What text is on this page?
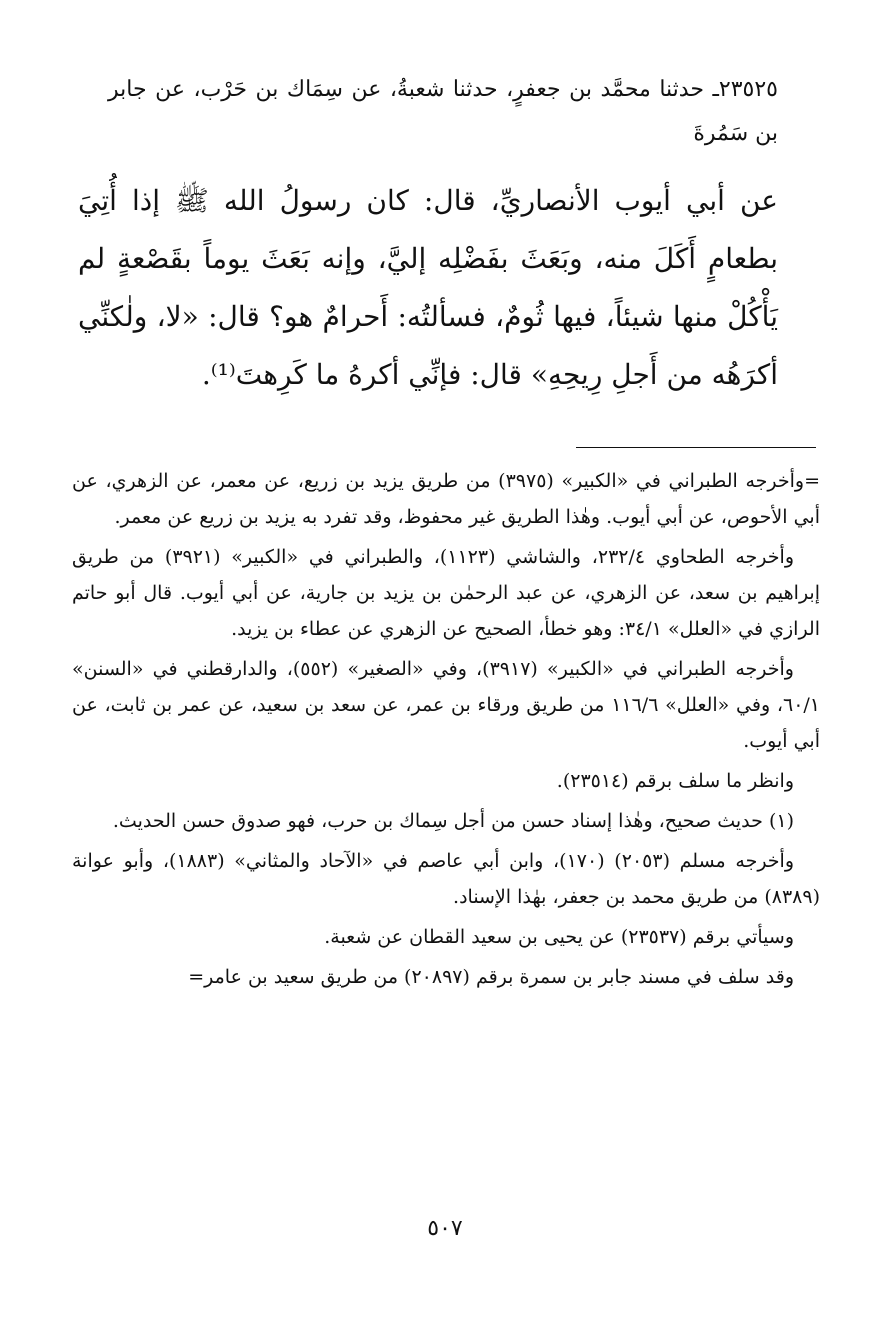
٢٣٥٢٥ـ حدثنا محمَّد بن جعفرٍ، حدثنا شعبةُ، عن سِمَاك بن حَرْب، عن جابر بن سَمُرةَ

عن أبي أيوب الأنصاريِّ، قال: كان رسولُ الله ﷺ إذا أُتِيَ بطعامٍ أَكَلَ منه، وبَعَثَ بفَضْلِه إليَّ، وإنه بَعَثَ يوماً بقَصْعةٍ لم يَأْكُلْ منها شيئاً، فيها ثُومٌ، فسألتُه: أَحرامٌ هو؟ قال: «لا، ولٰكنِّي أكرَهُه من أَجلِ رِيحِهِ» قال: فإنِّي أكرهُ ما كَرِهتَ⁽¹⁾.

=وأخرجه الطبراني في «الكبير» (٣٩٧٥) من طريق يزيد بن زريع، عن معمر، عن الزهري، عن أبي الأحوص، عن أبي أيوب. وهٰذا الطريق غير محفوظ، وقد تفرد به يزيد بن زريع عن معمر.

وأخرجه الطحاوي ٢٣٢/٤، والشاشي (١١٢٣)، والطبراني في «الكبير» (٣٩٢١) من طريق إبراهيم بن سعد، عن الزهري، عن عبد الرحمٰن بن يزيد بن جارية، عن أبي أيوب. قال أبو حاتم الرازي في «العلل» ٣٤/١: وهو خطأ، الصحيح عن الزهري عن عطاء بن يزيد.

وأخرجه الطبراني في «الكبير» (٣٩١٧)، وفي «الصغير» (٥٥٢)، والدارقطني في «السنن» ٦٠/١، وفي «العلل» ١١٦/٦ من طريق ورقاء بن عمر، عن سعد بن سعيد، عن عمر بن ثابت، عن أبي أيوب.

وانظر ما سلف برقم (٢٣٥١٤).

(١) حديث صحيح، وهٰذا إسناد حسن من أجل سِماك بن حرب، فهو صدوق حسن الحديث.

وأخرجه مسلم (٢٠٥٣) (١٧٠)، وابن أبي عاصم في «الآحاد والمثاني» (١٨٨٣)، وأبو عوانة (٨٣٨٩) من طريق محمد بن جعفر، بهٰذا الإسناد.

وسيأتي برقم (٢٣٥٣٧) عن يحيى بن سعيد القطان عن شعبة.

وقد سلف في مسند جابر بن سمرة برقم (٢٠٨٩٧) من طريق سعيد بن عامر=

٥٠٧
